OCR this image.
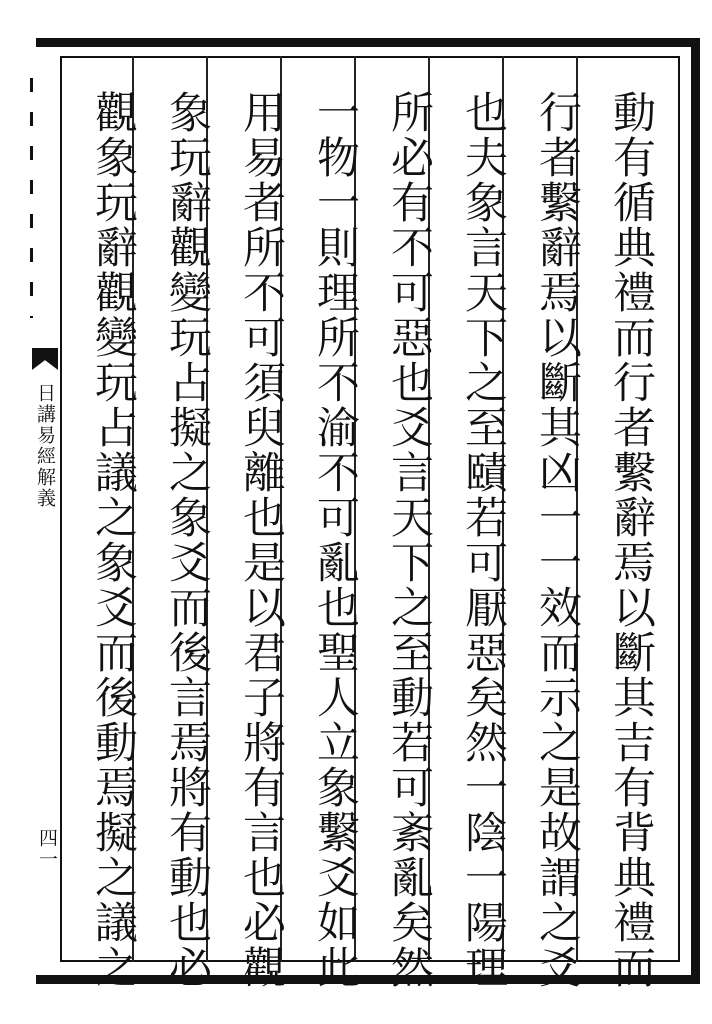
日講易經解義
四一	動有循典禮而行者繫辭焉以斷其吉有背典禮而
行者繫辭焉以斷其凶一一效而示之是故謂之爻
也夫象言天下之至賾若可厭惡矣然一陰一陽理
所必有不可惡也爻言天下之至動若可紊亂矣然
一物一則理所不渝不可亂也聖人立象繫爻如此
用易者所不可須臾離也是以君子將有言也必觀
象玩辭觀變玩占擬之象爻而後言焉將有動也必
觀象玩辭觀變玩占議之象爻而後動焉擬之議之
